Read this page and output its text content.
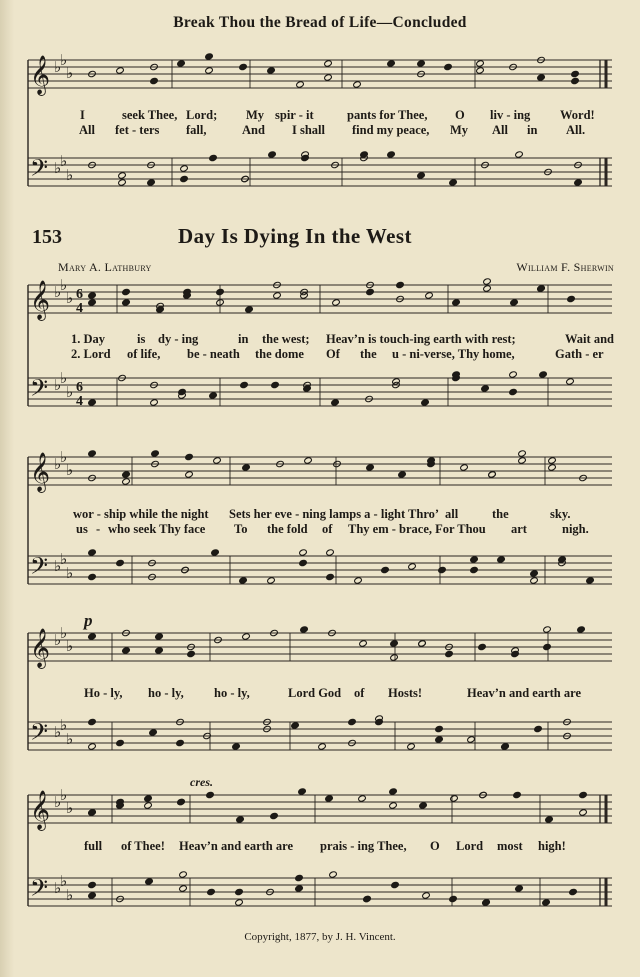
𝄞
𝄢
𝄞
𝄢
𝄞
𝄢
𝄞
𝄢
𝄞
𝄢
♭
♭
♭
♭
♭
♭
♭
♭
♭
♭
♭
♭
♭
♭
♭
♭
♭
♭
♭
♭
♭
♭
♭
♭
♭
♭
♭
♭
♭
♭
6
4
6
4
Break Thou the Bread of Life—Concluded
I	seek Thee, Lord; My spir - it	pants for Thee, O liv - ing Word!
All fet - ters fall,	And I shall find my peace, My All in All.
153	Day Is Dying In the West
Mary A. Lathbury	William F. Sherwin
1. Day	is dy - ing	in the west; Heav’n is touch-ing earth with rest;	Wait and
2. Lord of life, be - neath the dome Of the u - ni-verse, Thy home,	Gath - er
wor - ship while the night Sets her eve - ning lamps a - light Thro’ all	the	sky.
us - who seek Thy face To the fold of Thy em - brace, For Thou art	nigh.
p
Ho - ly, ho - ly, ho - ly,	Lord God of Hosts!	Heav’n and earth are
cres.
full of Thee! Heav’n and earth are prais - ing Thee, O Lord most high!
Copyright, 1877, by J. H. Vincent.
